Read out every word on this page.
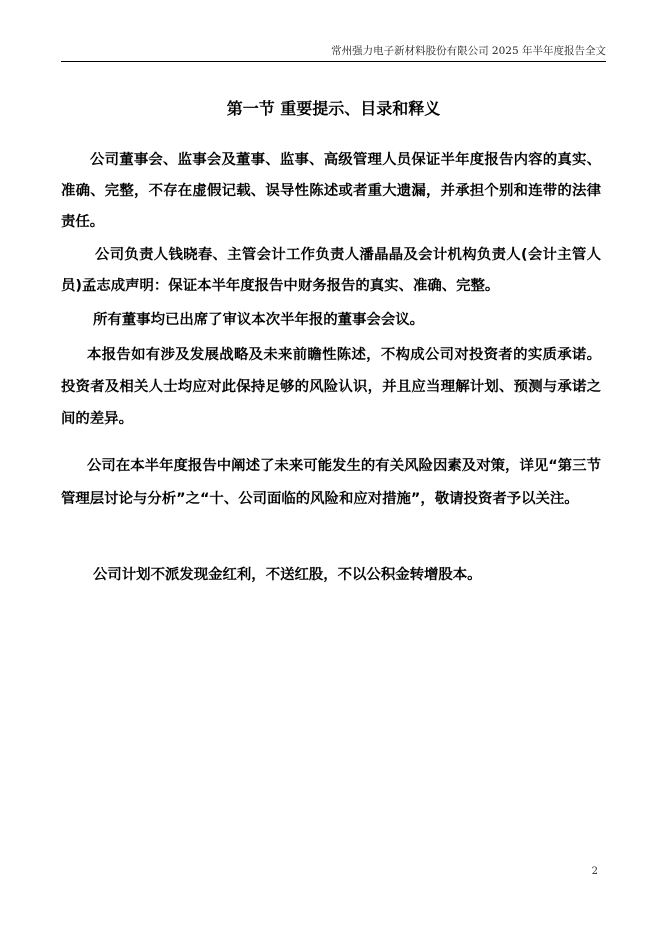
常州强力电子新材料股份有限公司 2025 年半年度报告全文
第一节 重要提示、目录和释义

公司董事会、监事会及董事、监事、高级管理人员保证半年度报告内容的真实、准确、完整，不存在虚假记载、误导性陈述或者重大遗漏，并承担个别和连带的法律责任。

公司负责人钱晓春、主管会计工作负责人潘晶晶及会计机构负责人(会计主管人员)孟志成声明：保证本半年度报告中财务报告的真实、准确、完整。

所有董事均已出席了审议本次半年报的董事会会议。

本报告如有涉及发展战略及未来前瞻性陈述，不构成公司对投资者的实质承诺。投资者及相关人士均应对此保持足够的风险认识，并且应当理解计划、预测与承诺之间的差异。

公司在本半年度报告中阐述了未来可能发生的有关风险因素及对策，详见“第三节管理层讨论与分析”之“十、公司面临的风险和应对措施”，敬请投资者予以关注。

公司计划不派发现金红利，不送红股，不以公积金转增股本。

2
